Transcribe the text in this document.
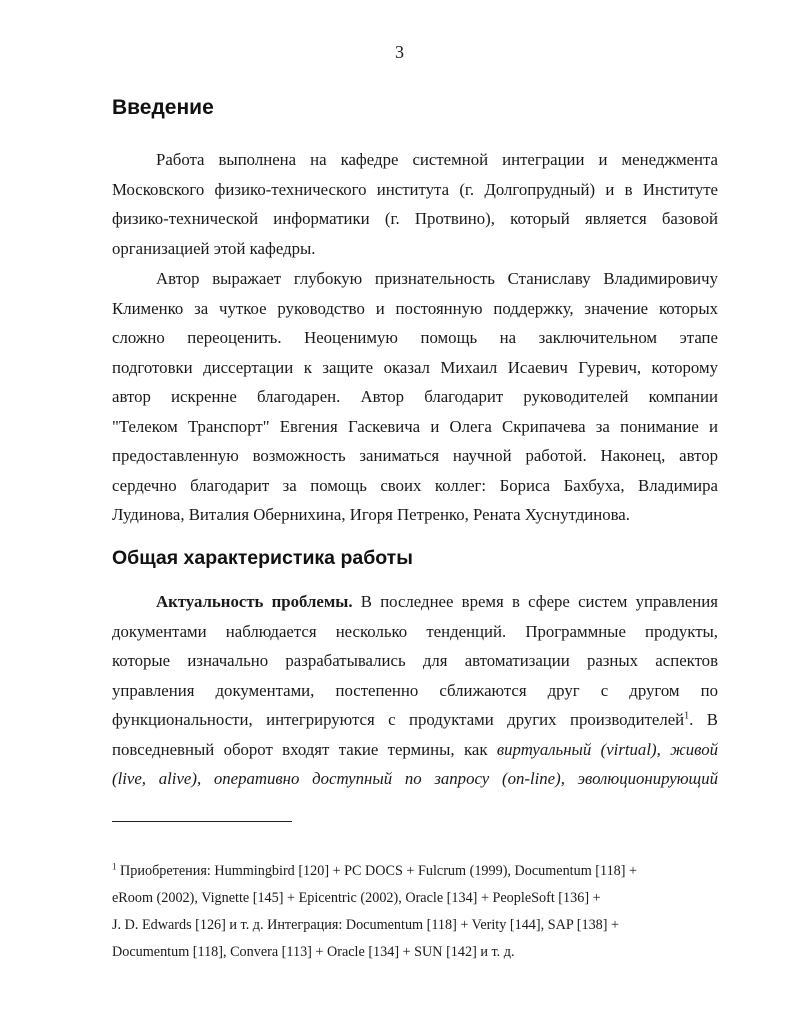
3
Введение
Работа выполнена на кафедре системной интеграции и менеджмента
Московского физико-технического института (г. Долгопрудный) и в Институте
физико-технической информатики (г. Протвино), который является базовой
организацией этой кафедры.
Автор выражает глубокую признательность Станиславу Владимировичу
Клименко за чуткое руководство и постоянную поддержку, значение которых
сложно переоценить. Неоценимую помощь на заключительном этапе
подготовки диссертации к защите оказал Михаил Исаевич Гуревич, которому
автор искренне благодарен. Автор благодарит руководителей компании
"Телеком Транспорт" Евгения Гаскевича и Олега Скрипачева за понимание и
предоставленную возможность заниматься научной работой. Наконец, автор
сердечно благодарит за помощь своих коллег: Бориса Бахбуха, Владимира
Лудинова, Виталия Обернихина, Игоря Петренко, Рената Хуснутдинова.
Общая характеристика работы
Актуальность проблемы. В последнее время в сфере систем управления
документами наблюдается несколько тенденций. Программные продукты,
которые изначально разрабатывались для автоматизации разных аспектов
управления документами, постепенно сближаются друг с другом по
функциональности, интегрируются с продуктами других производителей$^1$. В
повседневный оборот входят такие термины, как виртуальный (virtual), живой
(live, alive), оперативно доступный по запросу (on-line), эволюционирующий
$^1$ Приобретения: Hummingbird [120] + PC DOCS + Fulcrum (1999), Documentum [118] +
eRoom (2002), Vignette [145] + Epicentric (2002), Oracle [134] + PeopleSoft [136] +
J. D. Edwards [126] и т. д. Интеграция: Documentum [118] + Verity [144], SAP [138] +
Documentum [118], Convera [113] + Oracle [134] + SUN [142] и т. д.
